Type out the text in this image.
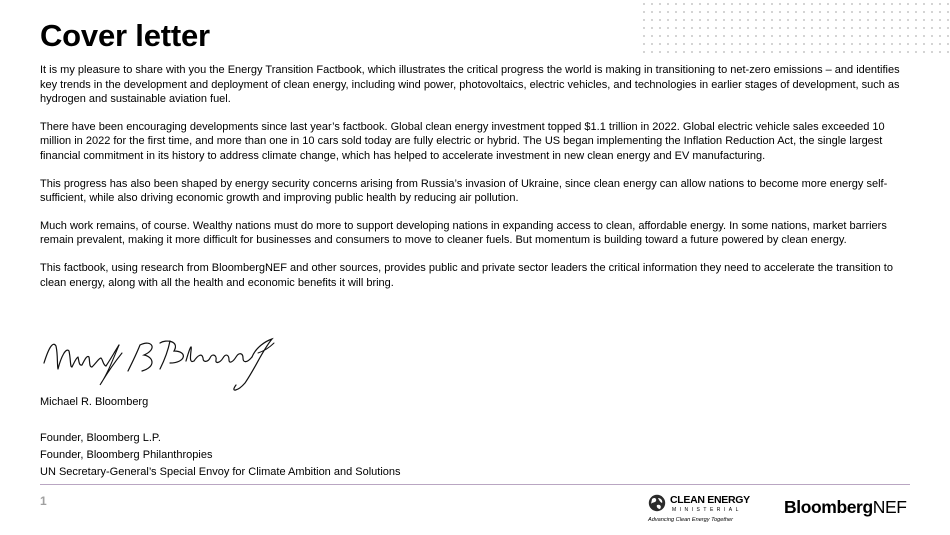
Cover letter

It is my pleasure to share with you the Energy Transition Factbook, which illustrates the critical progress the world is making in transitioning to net-zero emissions – and identifies key trends in the development and deployment of clean energy, including wind power, photovoltaics, electric vehicles, and technologies in earlier stages of development, such as hydrogen and sustainable aviation fuel.

There have been encouraging developments since last year’s factbook. Global clean energy investment topped $1.1 trillion in 2022. Global electric vehicle sales exceeded 10 million in 2022 for the first time, and more than one in 10 cars sold today are fully electric or hybrid. The US began implementing the Inflation Reduction Act, the single largest financial commitment in its history to address climate change, which has helped to accelerate investment in new clean energy and EV manufacturing.

This progress has also been shaped by energy security concerns arising from Russia’s invasion of Ukraine, since clean energy can allow nations to become more energy self-sufficient, while also driving economic growth and improving public health by reducing air pollution.

Much work remains, of course. Wealthy nations must do more to support developing nations in expanding access to clean, affordable energy. In some nations, market barriers remain prevalent, making it more difficult for businesses and consumers to move to cleaner fuels. But momentum is building toward a future powered by clean energy.

This factbook, using research from BloombergNEF and other sources, provides public and private sector leaders the critical information they need to accelerate the transition to clean energy, along with all the health and economic benefits it will bring.

Michael R. Bloomberg
Founder, Bloomberg L.P.
Founder, Bloomberg Philanthropies
UN Secretary-General’s Special Envoy for Climate Ambition and Solutions
1	CLEAN ENERGY
MINISTERIAL
Advancing Clean Energy Together
BloombergNEF
